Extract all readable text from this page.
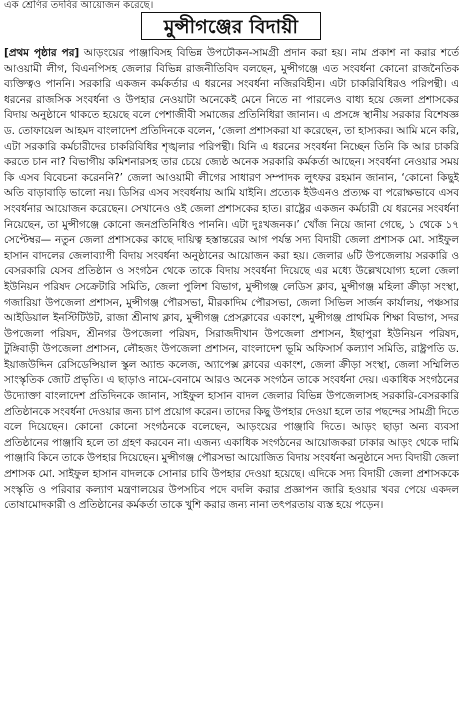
এক শ্রেণির তদবির আয়োজন করেছে।
মুন্সীগঞ্জের বিদায়ী

[প্রথম পৃষ্ঠার পর] আড়ংয়ের পাঞ্জাবিসহ বিভিন্ন উপঢৌকন-সামগ্রী প্রদান করা হয়। নাম প্রকাশ না করার শর্তে আওয়ামী লীগ, বিএনপিসহ জেলার বিভিন্ন রাজনীতিবিদ বলছেন, মুন্সীগঞ্জে এত সংবর্ধনা কোনো রাজনৈতিক ব্যক্তিত্বও পাননি। সরকারি একজন কর্মকর্তার এ ধরনের সংবর্ধনা নজিরবিহীন। এটা চাকরিবিধিরও পরিপন্থী। এ ধরনের রাজসিক সংবর্ধনা ও উপহার নেওয়াটা অনেকেই মেনে নিতে না পারলেও বাধ্য হয়ে জেলা প্রশাসকের বিদায় অনুষ্ঠানে থাকতে হয়েছে বলে পেশাজীবী সমাজের প্রতিনিধিরা জানান। এ প্রসঙ্গে স্থানীয় সরকার বিশেষজ্ঞ ড. তোফায়েল আহমদ বাংলাদেশ প্রতিদিনকে বলেন, ‘জেলা প্রশাসকরা যা করেছেন, তা হাস্যকর। আমি মনে করি, এটা সরকারি কর্মচারীদের চাকরিবিধির শৃঙ্খলার পরিপন্থী। যিনি এ ধরনের সংবর্ধনা নিচ্ছেন তিনি কি আর চাকরি করতে চান না? বিভাগীয় কমিশনারসহ তার চেয়ে জ্যেষ্ঠ অনেক সরকারি কর্মকর্তা আছেন। সংবর্ধনা নেওয়ার সময় কি এসব বিবেচনা করেননি?’ জেলা আওয়ামী লীগের সাধারণ সম্পাদক লুৎফর রহমান জানান, ‘কোনো কিছুই অতি বাড়াবাড়ি ভালো নয়। ডিসির এসব সংবর্ধনায় আমি যাইনি। প্রত্যেক ইউএনও প্রত্যক্ষ বা পরোক্ষভাবে এসব সংবর্ধনার আয়োজন করেছেন। সেখানেও ওই জেলা প্রশাসকের হাত। রাষ্ট্রের একজন কর্মচারী যে ধরনের সংবর্ধনা নিয়েছেন, তা মুন্সীগঞ্জে কোনো জনপ্রতিনিধিও পাননি। এটা দুঃখজনক।’ খোঁজ নিয়ে জানা গেছে, ১ থেকে ১৭ সেপ্টেম্বর— নতুন জেলা প্রশাসকের কাছে দায়িত্ব হস্তান্তরের আগ পর্যন্ত সদ্য বিদায়ী জেলা প্রশাসক মো. সাইফুল হাসান বাদলের জেলাব্যাপী বিদায় সংবর্ধনা অনুষ্ঠানের আয়োজন করা হয়। জেলার ৬টি উপজেলায় সরকারি ও বেসরকারি যেসব প্রতিষ্ঠান ও সংগঠন থেকে তাকে বিদায় সংবর্ধনা দিয়েছে এর মধ্যে উল্লেখযোগ্য হলো জেলা ইউনিয়ন পরিষদ সেক্রেটারি সমিতি, জেলা পুলিশ বিভাগ, মুন্সীগঞ্জ লেডিস ক্লাব, মুন্সীগঞ্জ মহিলা ক্রীড়া সংস্থা, গজারিয়া উপজেলা প্রশাসন, মুন্সীগঞ্জ পৌরসভা, মীরকাদিম পৌরসভা, জেলা সিভিল সার্জন কার্যালয়, পঞ্চসার আইডিয়াল ইনস্টিটিউট, রাজা শ্রীনাথ ক্লাব, মুন্সীগঞ্জ প্রেসক্লাবের একাংশ, মুন্সীগঞ্জ প্রাথমিক শিক্ষা বিভাগ, সদর উপজেলা পরিষদ, শ্রীনগর উপজেলা পরিষদ, সিরাজদীখান উপজেলা প্রশাসন, ইছাপুরা ইউনিয়ন পরিষদ, টুঙ্গিবাড়ী উপজেলা প্রশাসন, লৌহজং উপজেলা প্রশাসন, বাংলাদেশ ভূমি অফিসার্স কল্যাণ সমিতি, রাষ্ট্রপতি ড. ইয়াজউদ্দিন রেসিডেন্সিয়াল স্কুল অ্যান্ড কলেজ, অ্যাপেক্স ক্লাবের একাংশ, জেলা ক্রীড়া সংস্থা, জেলা সম্মিলিত সাংস্কৃতিক জোট প্রভৃতি। এ ছাড়াও নামে-বেনামে আরও অনেক সংগঠন তাকে সংবর্ধনা দেয়। একাধিক সংগঠনের উদ্যোক্তা বাংলাদেশ প্রতিদিনকে জানান, সাইফুল হাসান বাদল জেলার বিভিন্ন উপজেলাসহ সরকারি-বেসরকারি প্রতিষ্ঠানকে সংবর্ধনা দেওয়ার জন্য চাপ প্রয়োগ করেন। তাদের কিছু উপহার দেওয়া হলে তার পছন্দের সামগ্রী দিতে বলে দিয়েছেন। কোনো কোনো সংগঠনকে বলেছেন, আড়ংয়ের পাঞ্জাবি দিতে। আড়ং ছাড়া অন্য ব্যবসা প্রতিষ্ঠানের পাঞ্জাবি হলে তা গ্রহণ করবেন না। এজন্য একাধিক সংগঠনের আয়োজকরা ঢাকার আড়ং থেকে দামি পাঞ্জাবি কিনে তাকে উপহার দিয়েছেন। মুন্সীগঞ্জ পৌরসভা আয়োজিত বিদায় সংবর্ধনা অনুষ্ঠানে সদ্য বিদায়ী জেলা প্রশাসক মো. সাইফুল হাসান বাদলকে সোনার চাবি উপহার দেওয়া হয়েছে। এদিকে সদ্য বিদায়ী জেলা প্রশাসককে সংস্কৃতি ও পরিবার কল্যাণ মন্ত্রণালয়ের উপসচিব পদে বদলি করার প্রজ্ঞাপন জারি হওয়ার খবর পেয়ে একদল তোষামোদকারী ও প্রতিষ্ঠানের কর্মকর্তা তাকে খুশি করার জন্য নানা তৎপরতায় ব্যস্ত হয়ে পড়েন।
